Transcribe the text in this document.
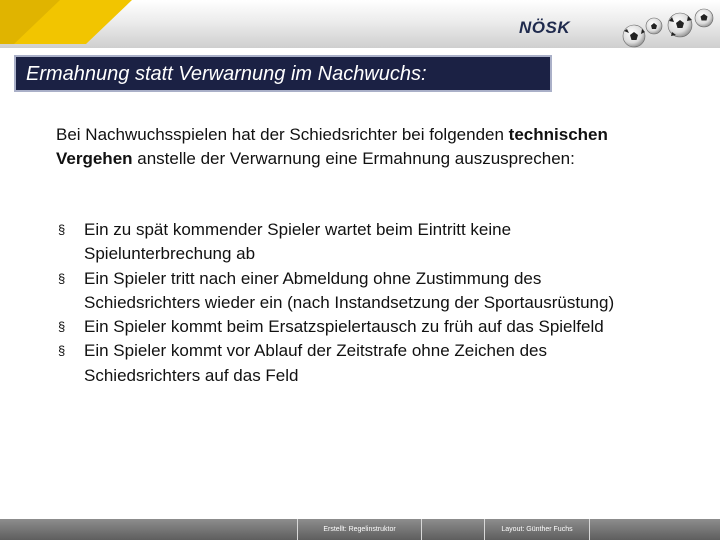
NÖSK
Ermahnung statt Verwarnung im Nachwuchs:
Bei Nachwuchsspielen hat der Schiedsrichter bei folgenden technischen Vergehen anstelle der Verwarnung eine Ermahnung auszusprechen:
§	Ein zu spät kommender Spieler wartet beim Eintritt keine Spielunterbrechung ab
§	Ein Spieler tritt nach einer Abmeldung ohne Zustimmung des Schiedsrichters wieder ein (nach Instandsetzung der Sportausrüstung)
§	Ein Spieler kommt beim Ersatzspielertausch zu früh auf das Spielfeld
§	Ein Spieler kommt vor Ablauf der Zeitstrafe ohne Zeichen des Schiedsrichters auf das Feld
Erstellt: Regelinstruktor	Layout: Günther Fuchs
